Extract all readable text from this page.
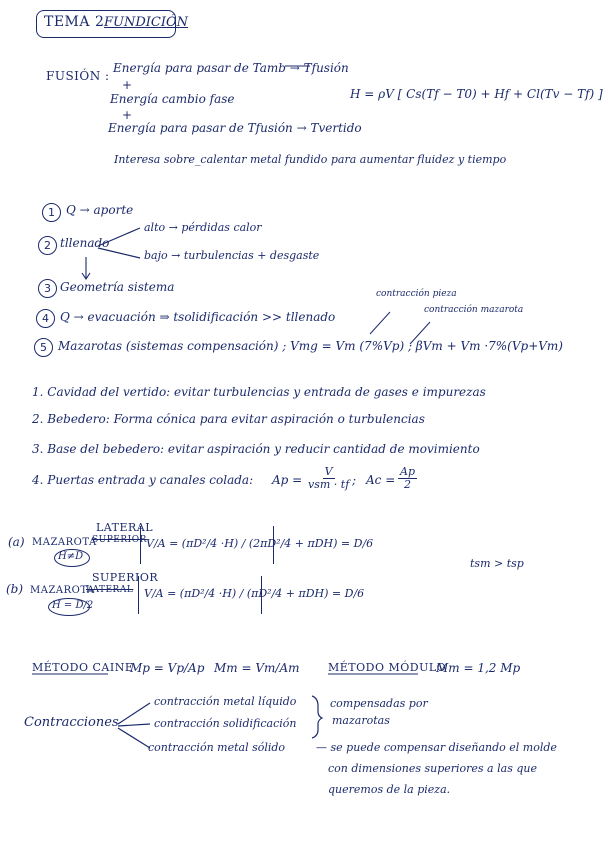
TEMA 2 FUNDICIÓN
FUSIÓN :
Energía para pasar de Tamb → Tfusión
+
Energía cambio fase
+
Energía para pasar de Tfusión → Tvertido
H = ρV [ Cs(Tf − T0) + Hf + Cl(Tv − Tf) ]
Interesa sobre_calentar metal fundido para aumentar fluidez y tiempo
1 Q → aporte
2 tllenado
alto → pérdidas calor
bajo → turbulencias + desgaste
3 Geometría sistema
4 Q → evacuación ⇒ tsolidificación >> tllenado
contracción pieza
contracción mazarota
5 Mazarotas (sistemas compensación) ; Vmg = Vm (7%Vp) ; βVm + Vm ·7%(Vp+Vm)
1. Cavidad del vertido: evitar turbulencias y entrada de gases e impurezas
2. Bebedero: Forma cónica para evitar aspiración o turbulencias
3. Base del bebedero: evitar aspiración y reducir cantidad de movimiento
4. Puertas entrada y canales colada: Ap =
V
vsm · tf ; $Ac = \frac{Ap}{2}$
LATERAL
SUPERIOR
(a) MAZAROTA
H≠D
V/A = (πD²/4 ·H) / (2πD²/4 + πDH) = D/6
tsm > tsp
SUPERIOR
LATERAL
(b) MAZAROTA
H = D/2
V/A = (πD²/4 ·H) / (πD²/4 + πDH) = D/6
MÉTODO CAINE
Mp = Vp/Ap Mm = Vm/Am	MÉTODO MÓDULO
Mm = 1,2 Mp
Contracciones
contracción metal líquido
contracción solidificación
contracción metal sólido
compensadas por
mazarotas
— se puede compensar diseñando el molde
con dimensiones superiores a las que
queremos de la pieza.
